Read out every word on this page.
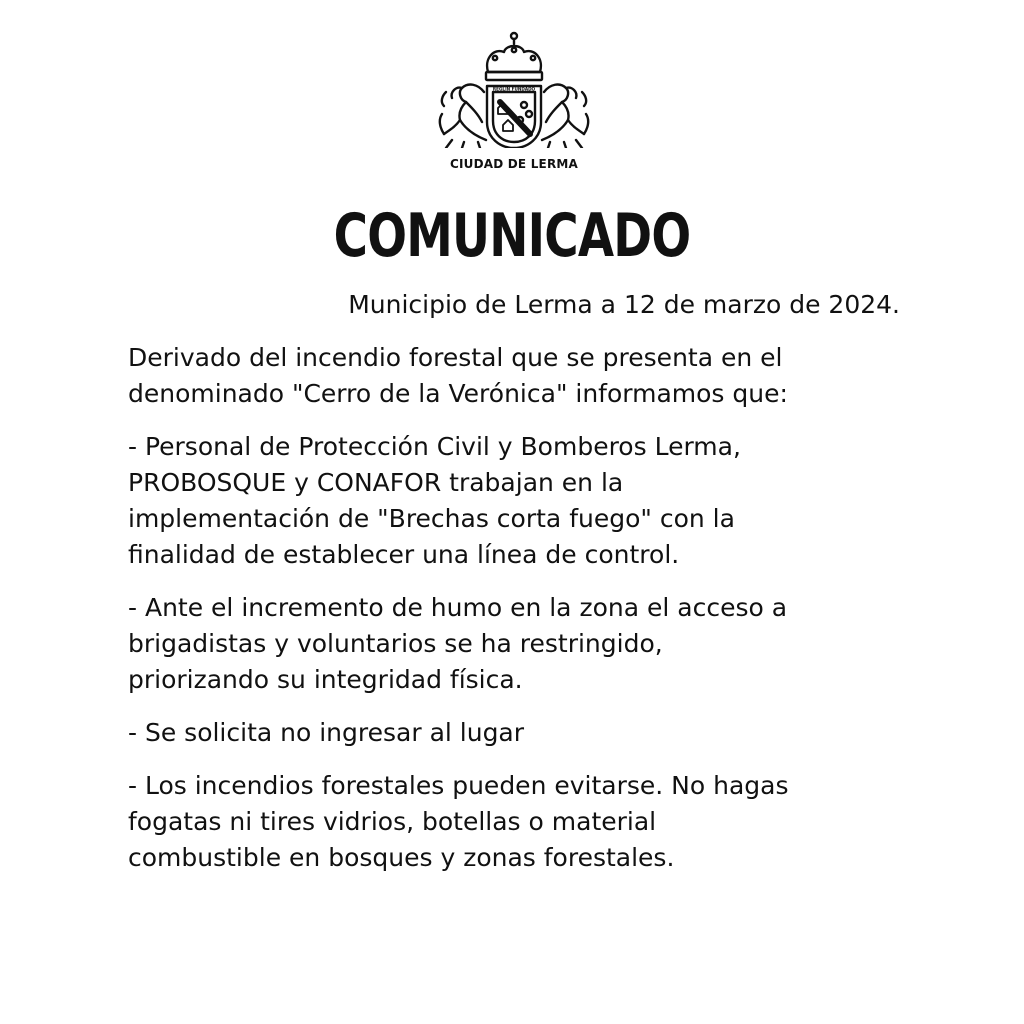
REGLIN FUNDADO
CIUDAD DE LERMA
COMUNICADO
Municipio de Lerma a 12 de marzo de 2024.
Derivado del incendio forestal que se presenta en el
denominado "Cerro de la Verónica" informamos que:
- Personal de Protección Civil y Bomberos Lerma,
PROBOSQUE y CONAFOR trabajan en la
implementación de "Brechas corta fuego" con la
finalidad de establecer una línea de control.
- Ante el incremento de humo en la zona el acceso a
brigadistas y voluntarios se ha restringido,
priorizando su integridad física.
- Se solicita no ingresar al lugar
- Los incendios forestales pueden evitarse. No hagas
fogatas ni tires vidrios, botellas o material
combustible en bosques y zonas forestales.
